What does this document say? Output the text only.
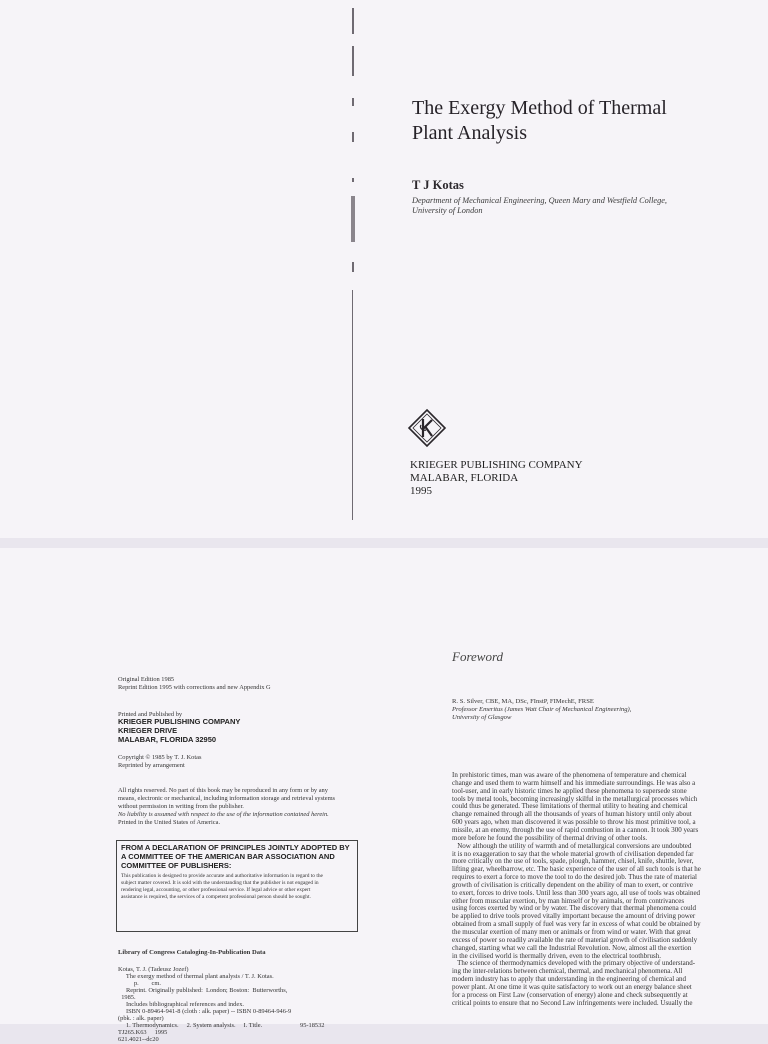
The Exergy Method of Thermal
Plant Analysis
T J Kotas
Department of Mechanical Engineering, Queen Mary and Westfield College,
University of London
KRIEGER PUBLISHING COMPANY
MALABAR, FLORIDA
1995
Original Edition 1985
Reprint Edition 1995 with corrections and new Appendix G
Printed and Published by
KRIEGER PUBLISHING COMPANY
KRIEGER DRIVE
MALABAR, FLORIDA 32950
Copyright © 1985 by T. J. Kotas
Reprinted by arrangement
All rights reserved. No part of this book may be reproduced in any form or by any
means, electronic or mechanical, including information storage and retrieval systems
without permission in writing from the publisher.
No liability is assumed with respect to the use of the information contained herein.
Printed in the United States of America.
FROM A DECLARATION OF PRINCIPLES JOINTLY ADOPTED BY
A COMMITTEE OF THE AMERICAN BAR ASSOCIATION AND
COMMITTEE OF PUBLISHERS:
This publication is designed to provide accurate and authoritative information in regard to the
subject matter covered. It is sold with the understanding that the publisher is not engaged in
rendering legal, accounting, or other professional service. If legal advice or other expert
assistance is required, the services of a competent professional person should be sought.
Library of Congress Cataloging-In-Publication Data
Kotas, T. J. (Tadeusz Jozef)
The exergy method of thermal plant analysis / T. J. Kotas.
p.        cm.
Reprint. Originally published:  London; Boston:  Butterworths,
1985.
Includes bibliographical references and index.
ISBN 0-89464-941-8 (cloth : alk. paper) -- ISBN 0-89464-946-9
(pbk. : alk. paper)
Foreword
R. S. Silver, CBE, MA, DSc, FInstP, FIMechE, FRSE
Professor Emeritus (James Watt Chair of Mechanical Engineering),
University of Glasgow
In prehistoric times, man was aware of the phenomena of temperature and chemical
change and used them to warm himself and his immediate surroundings. He was also a
tool-user, and in early historic times he applied these phenomena to supersede stone
tools by metal tools, becoming increasingly skilful in the metallurgical processes which
could thus be generated. These limitations of thermal utility to heating and chemical
change remained through all the thousands of years of human history until only about
600 years ago, when man discovered it was possible to throw his most primitive tool, a
missile, at an enemy, through the use of rapid combustion in a cannon. It took 300 years
more before he found the possibility of thermal driving of other tools.
Now although the utility of warmth and of metallurgical conversions are undoubted
it is no exaggeration to say that the whole material growth of civilisation depended far
more critically on the use of tools, spade, plough, hammer, chisel, knife, shuttle, lever,
lifting gear, wheelbarrow, etc. The basic experience of the user of all such tools is that he
requires to exert a force to move the tool to do the desired job. Thus the rate of material
growth of civilisation is critically dependent on the ability of man to exert, or contrive
to exert, forces to drive tools. Until less than 300 years ago, all use of tools was obtained
either from muscular exertion, by man himself or by animals, or from contrivances
using forces exerted by wind or by water. The discovery that thermal phenomena could
be applied to drive tools proved vitally important because the amount of driving power
obtained from a small supply of fuel was very far in excess of what could be obtained by
the muscular exertion of many men or animals or from wind or water. With that great
excess of power so readily available the rate of material growth of civilisation suddenly
changed, starting what we call the Industrial Revolution. Now, almost all the exertion
in the civilised world is thermally driven, even to the electrical toothbrush.
The science of thermodynamics developed with the primary objective of understand-
ing the inter-relations between chemical, thermal, and mechanical phenomena. All
modern industry has to apply that understanding in the engineering of chemical and
power plant. At one time it was quite satisfactory to work out an energy balance sheet
for a process on First Law (conservation of energy) alone and check subsequently at
critical points to ensure that no Second Law infringements were included. Usually the
1. Thermodynamics.     2. System analysis.     I. Title.
TJ265.K63     1995
621.4021--dc20
95-18532
